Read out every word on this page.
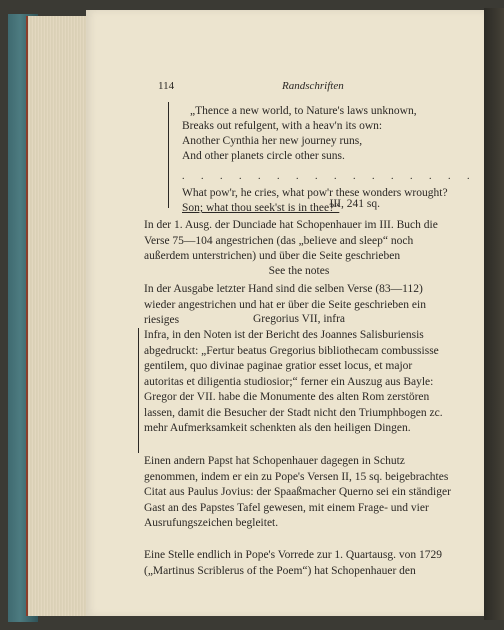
114	Randschriften
„Thence a new world, to Nature's laws unknown,
Breaks out refulgent, with a heav'n its own:
Another Cynthia her new journey runs,
And other planets circle other suns.
. . . . . . . . . . . . . . . .
What pow'r, he cries, what pow'r these wonders wrought?
Son; what thou seek'st is in thee?“
III, 241 sq.
In der 1. Ausg. der Dunciade hat Schopenhauer im III. Buch die Verse 75—104 angestrichen (das „believe and sleep“ noch außerdem unterstrichen) und über die Seite geschrieben
See the notes
In der Ausgabe letzter Hand sind die selben Verse (83—112) wieder angestrichen und hat er über die Seite geschrieben ein riesiges	Gregorius VII, infra
Infra, in den Noten ist der Bericht des Joannes Salisburiensis abgedruckt: „Fertur beatus Gregorius bibliothecam combussisse gentilem, quo divinae paginae gratior esset locus, et major autoritas et diligentia studiosior;“ ferner ein Auszug aus Bayle: Gregor der VII. habe die Monumente des alten Rom zerstören lassen, damit die Besucher der Stadt nicht den Triumphbogen zc. mehr Aufmerksamkeit schenkten als den heiligen Dingen.
Einen andern Papst hat Schopenhauer dagegen in Schutz genommen, indem er ein zu Pope's Versen II, 15 sq. beigebrachtes Citat aus Paulus Jovius: der Spaaßmacher Querno sei ein ständiger Gast an des Papstes Tafel gewesen, mit einem Frage- und vier Ausrufungszeichen begleitet.
Eine Stelle endlich in Pope's Vorrede zur 1. Quartausg. von 1729 („Martinus Scriblerus of the Poem“) hat Schopenhauer den
